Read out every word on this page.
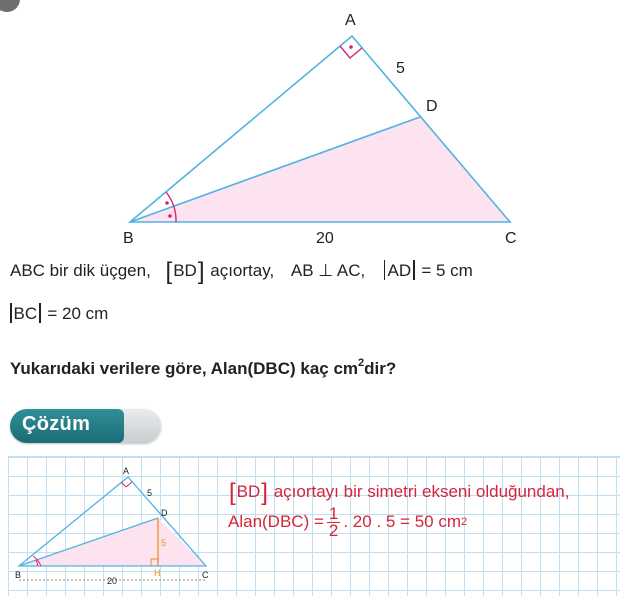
A
D
5
B	20	C
ABC bir dik üçgen, [BD] açıortay, AB ⊥ AC, AD = 5 cm
BC = 20 cm
Yukarıdaki verilere göre, Alan(DBC) kaç $cm^2dir$?
Çözüm
A
5
D
5
H
B
20
C
[BD] açıortayı bir simetri ekseni olduğundan,
Alan(DBC) = $\frac{1}{2}$ . 20 . 5 = 50 cm 2
